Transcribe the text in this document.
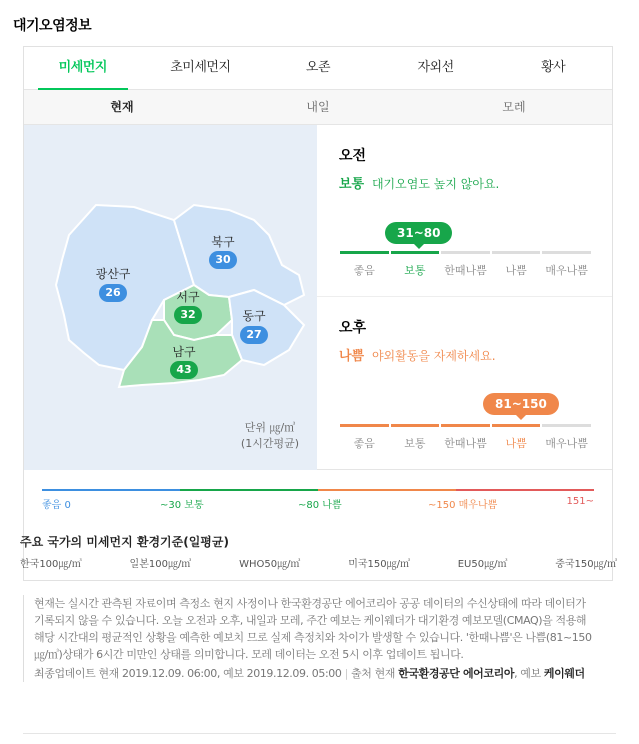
대기오염정보
미세먼지	초미세먼지	오존	자외선	황사
현재	내일	모레
북구
30
광산구
26	서구
32	동구
27
남구
43
단위 ㎍/㎥
(1시간평균)
오전
보통 대기오염도 높지 않아요.
31~80
좋음	보통	한때나쁨	나쁨	매우나쁨
오후
나쁨 야외활동을 자제하세요.
81~150
좋음	보통	한때나쁨	나쁨	매우나쁨
좋음 0	~30 보통	~80 나쁨	~150 매우나쁨	151~
주요 국가의 미세먼지 환경기준(일평균)
한국100㎍/㎥	일본100㎍/㎥	WHO50㎍/㎥	미국150㎍/㎥	EU50㎍/㎥	중국150㎍/㎥
현재는 실시간 관측된 자료이며 측정소 현지 사정이나 한국환경공단 에어코리아 공공 데이터의 수신상태에 따라 데이터가 기록되지 않을 수 있습니다. 오늘 오전과 오후, 내일과 모레, 주간 예보는 케이웨더가 대기환경 예보모델(CMAQ)을 적용해 해당 시간대의 평균적인 상황을 예측한 예보치 므로 실제 측정치와 차이가 발생할 수 있습니다. '한때나쁨'은 나쁨(81~150㎍/㎥)상태가 6시간 미만인 상태를 의미합니다. 모레 데이터는 오전 5시 이후 업데이트 됩니다.
최종업데이트 현재 2019.12.09. 06:00, 예보 2019.12.09. 05:00 | 출처 현재 한국환경공단 에어코리아, 예보 케이웨더
